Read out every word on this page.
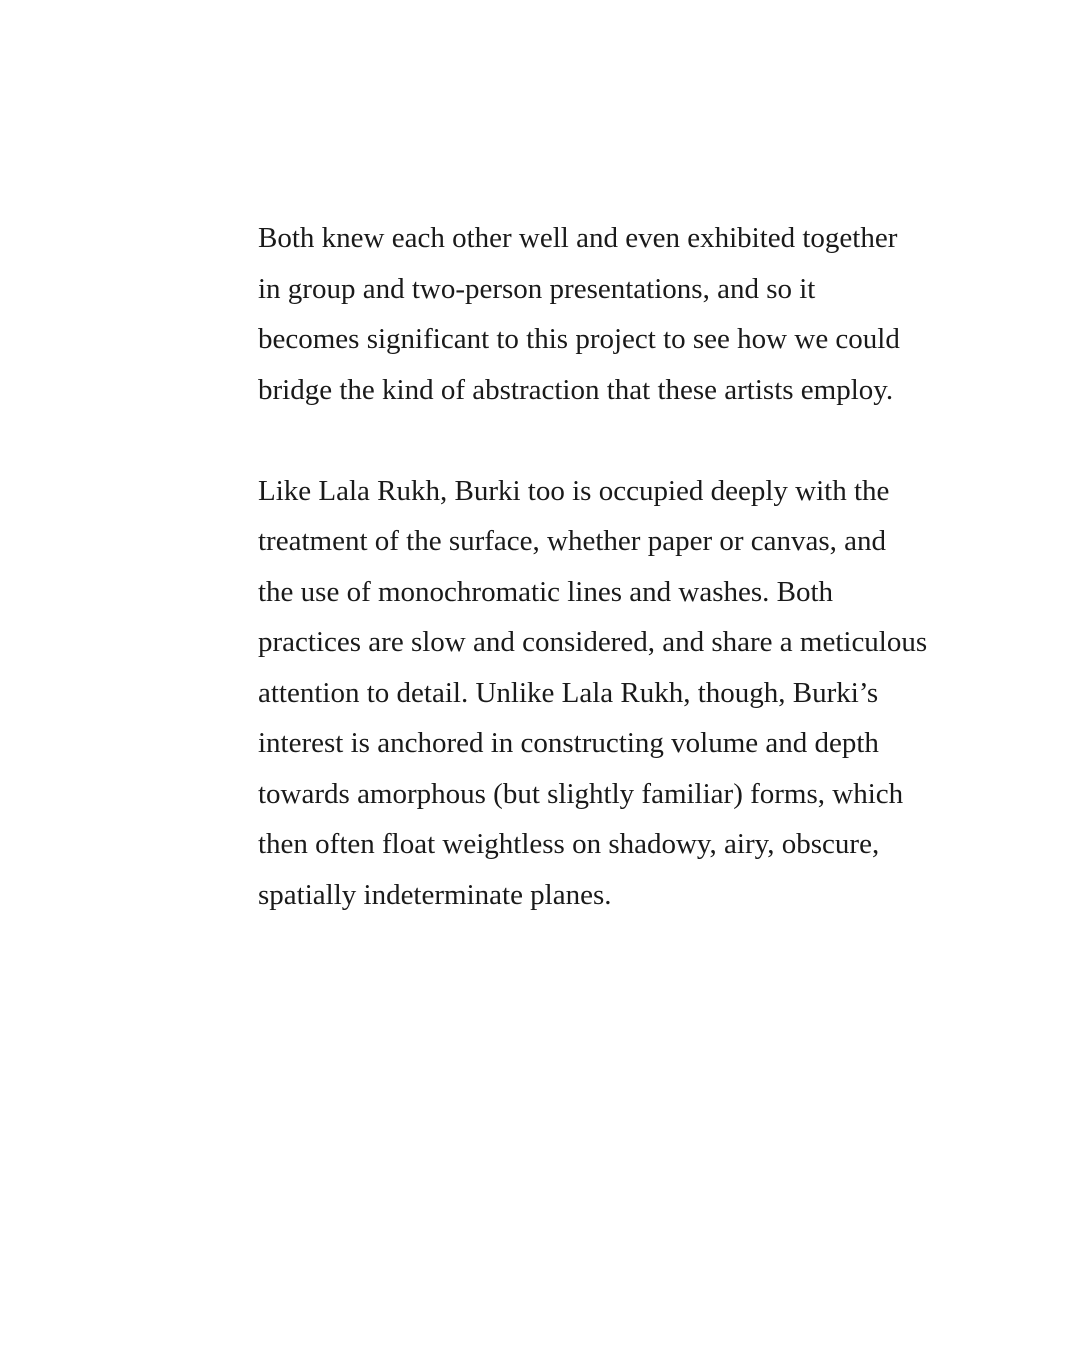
Both knew each other well and even exhibited together
in group and two-person presentations, and so it
becomes significant to this project to see how we could
bridge the kind of abstraction that these artists employ.

Like Lala Rukh, Burki too is occupied deeply with the
treatment of the surface, whether paper or canvas, and
the use of monochromatic lines and washes. Both
practices are slow and considered, and share a meticulous
attention to detail. Unlike Lala Rukh, though, Burki’s
interest is anchored in constructing volume and depth
towards amorphous (but slightly familiar) forms, which
then often float weightless on shadowy, airy, obscure,
spatially indeterminate planes.
